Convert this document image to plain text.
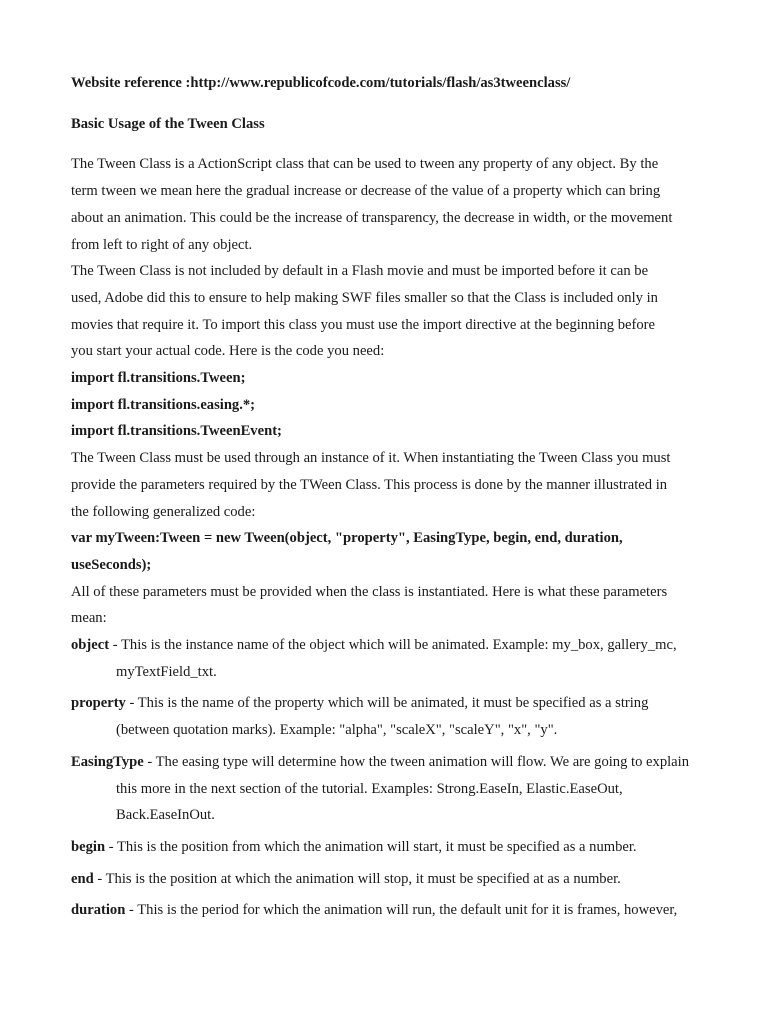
Website reference :http://www.republicofcode.com/tutorials/flash/as3tweenclass/

Basic Usage of the Tween Class

The Tween Class is a ActionScript class that can be used to tween any property of any object. By the

term tween we mean here the gradual increase or decrease of the value of a property which can bring

about an animation. This could be the increase of transparency, the decrease in width, or the movement

from left to right of any object.

The Tween Class is not included by default in a Flash movie and must be imported before it can be

used, Adobe did this to ensure to help making SWF files smaller so that the Class is included only in

movies that require it. To import this class you must use the import directive at the beginning before

you start your actual code. Here is the code you need:

import fl.transitions.Tween;

import fl.transitions.easing.*;

import fl.transitions.TweenEvent;

The Tween Class must be used through an instance of it. When instantiating the Tween Class you must

provide the parameters required by the TWeen Class. This process is done by the manner illustrated in

the following generalized code:

var myTween:Tween = new Tween(object, "property", EasingType, begin, end, duration,

useSeconds);

All of these parameters must be provided when the class is instantiated. Here is what these parameters

mean:

object - This is the instance name of the object which will be animated. Example: my_box, gallery_mc, myTextField_txt.

property - This is the name of the property which will be animated, it must be specified as a string (between quotation marks). Example: "alpha", "scaleX", "scaleY", "x", "y".

EasingType - The easing type will determine how the tween animation will flow. We are going to explain this more in the next section of the tutorial. Examples: Strong.EaseIn, Elastic.EaseOut, Back.EaseInOut.

begin - This is the position from which the animation will start, it must be specified as a number.

end - This is the position at which the animation will stop, it must be specified at as a number.

duration - This is the period for which the animation will run, the default unit for it is frames, however,
